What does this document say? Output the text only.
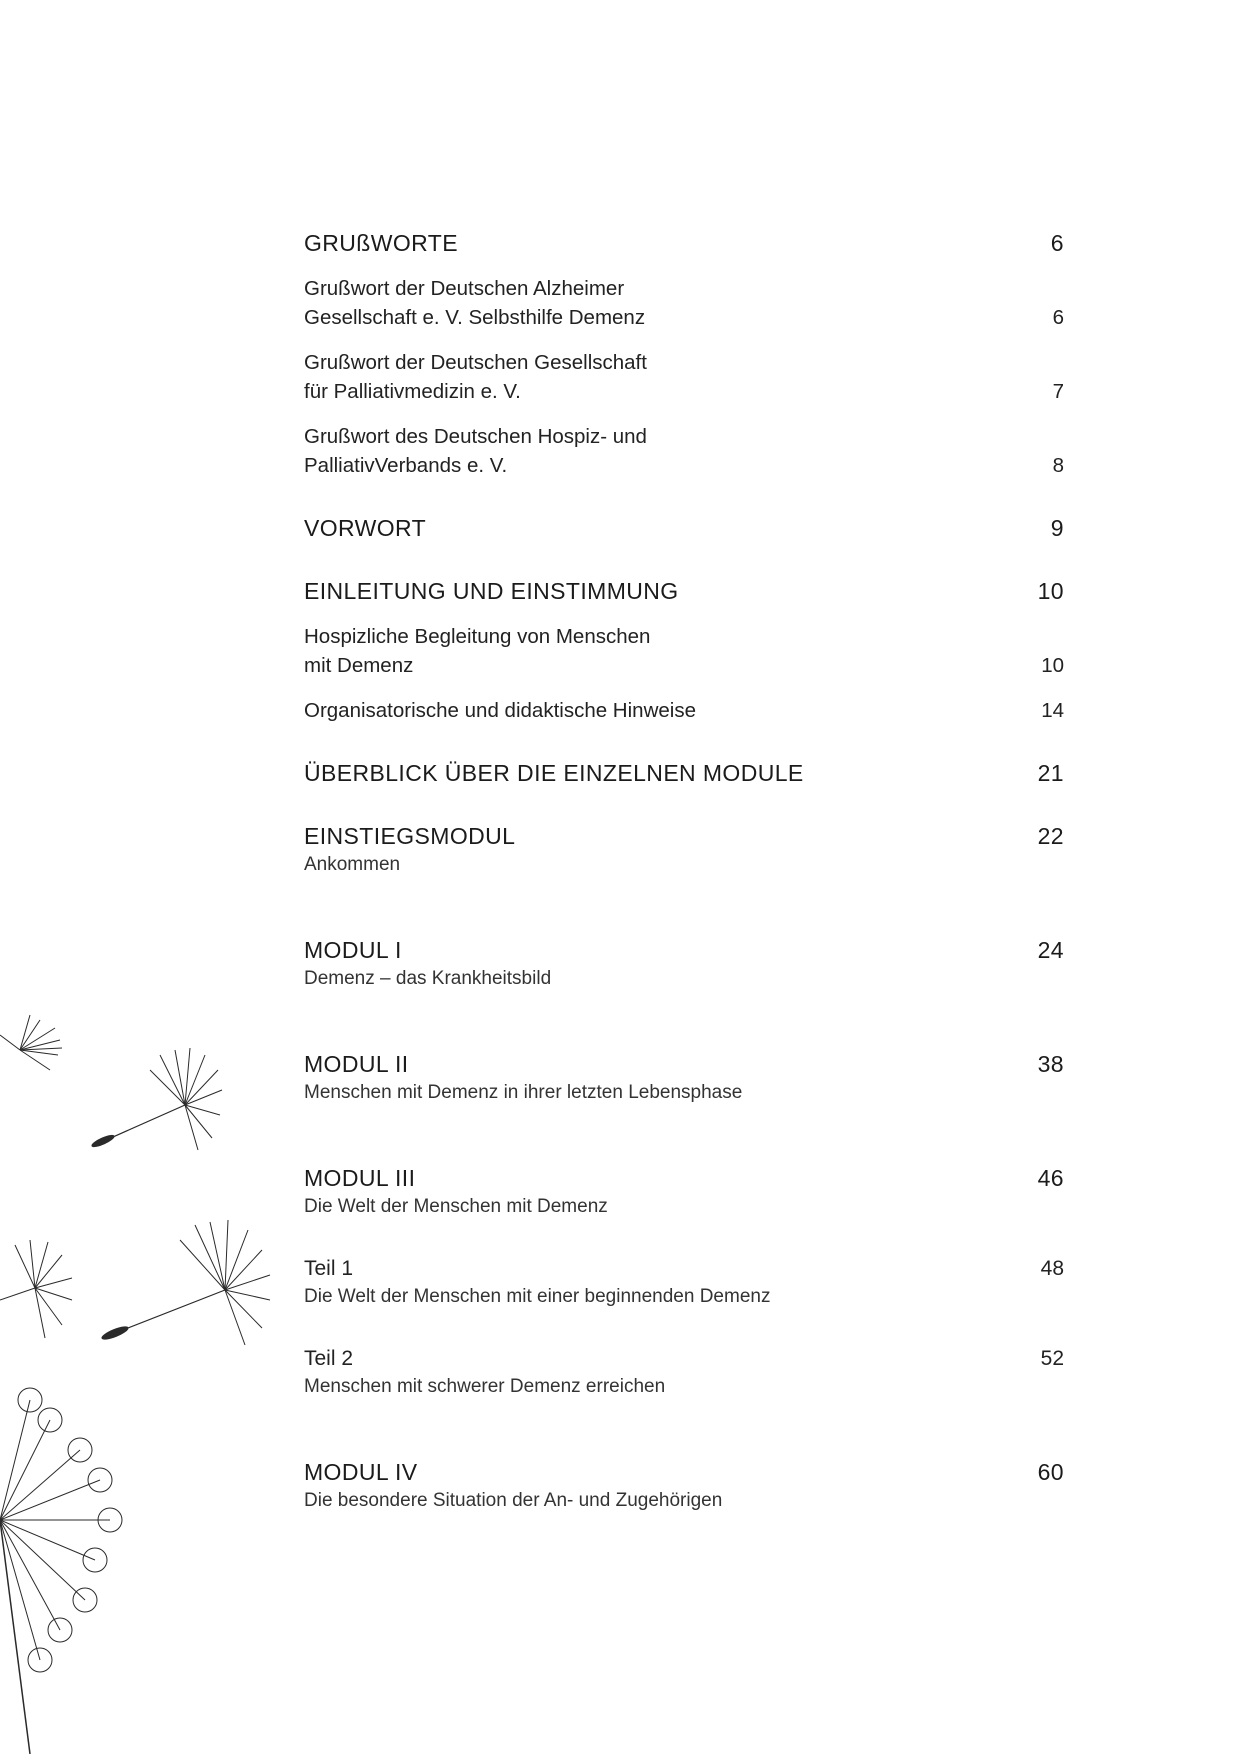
GRUßWORTE	6
Grußwort der Deutschen Alzheimer
Gesellschaft e. V. Selbsthilfe Demenz	6
Grußwort der Deutschen Gesellschaft
für Palliativmedizin e. V.	7
Grußwort des Deutschen Hospiz- und
PalliativVerbands e. V.	8
VORWORT	9
EINLEITUNG UND EINSTIMMUNG	10
Hospizliche Begleitung von Menschen
mit Demenz	10
Organisatorische und didaktische Hinweise	14
ÜBERBLICK ÜBER DIE EINZELNEN MODULE	21
EINSTIEGSMODUL	22
Ankommen
MODUL I	24
Demenz – das Krankheitsbild
MODUL II	38
Menschen mit Demenz in ihrer letzten Lebensphase
MODUL III	46
Die Welt der Menschen mit Demenz
Teil 1	48
Die Welt der Menschen mit einer beginnenden Demenz
Teil 2	52
Menschen mit schwerer Demenz erreichen
MODUL IV	60
Die besondere Situation der An- und Zugehörigen
